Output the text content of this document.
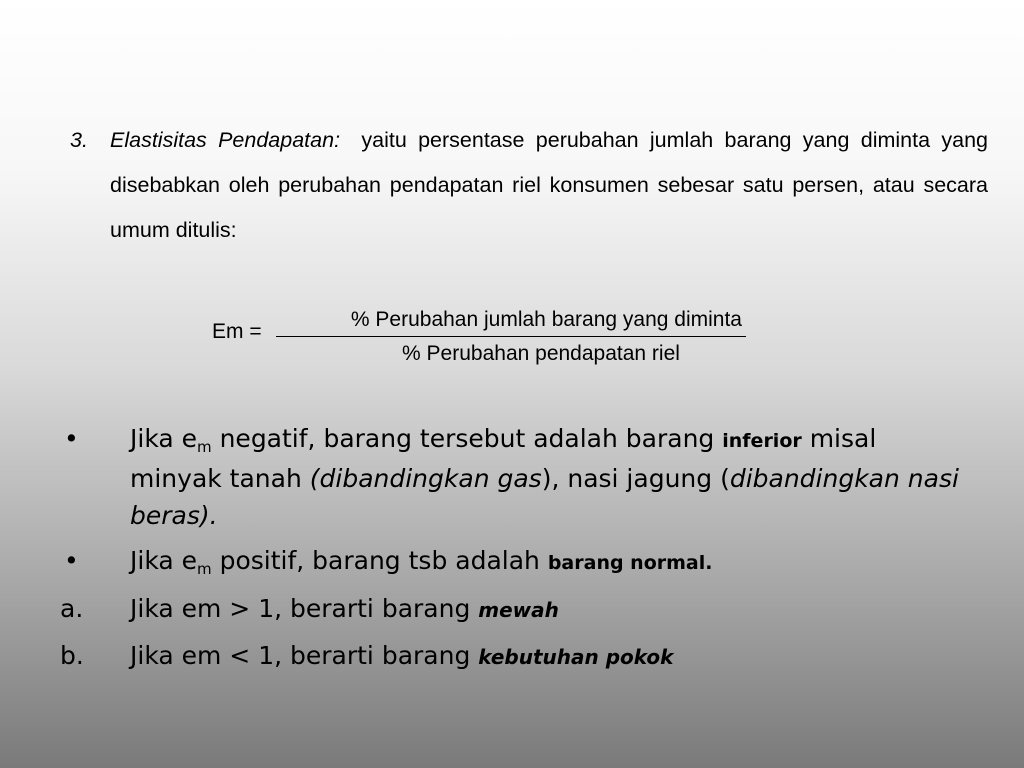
3. Elastisitas Pendapatan: yaitu persentase perubahan jumlah barang yang diminta yang disebabkan oleh perubahan pendapatan riel konsumen sebesar satu persen, atau secara umum ditulis:
Em =
% Perubahan jumlah barang yang diminta
% Perubahan pendapatan riel
• Jika $e_m$ negatif, barang tersebut adalah barang inferior misal minyak tanah (dibandingkan gas), nasi jagung (dibandingkan nasi beras).
• Jika $e_m$ positif, barang tsb adalah barang normal.
a. Jika em > 1, berarti barang mewah
b. Jika em < 1, berarti barang kebutuhan pokok
